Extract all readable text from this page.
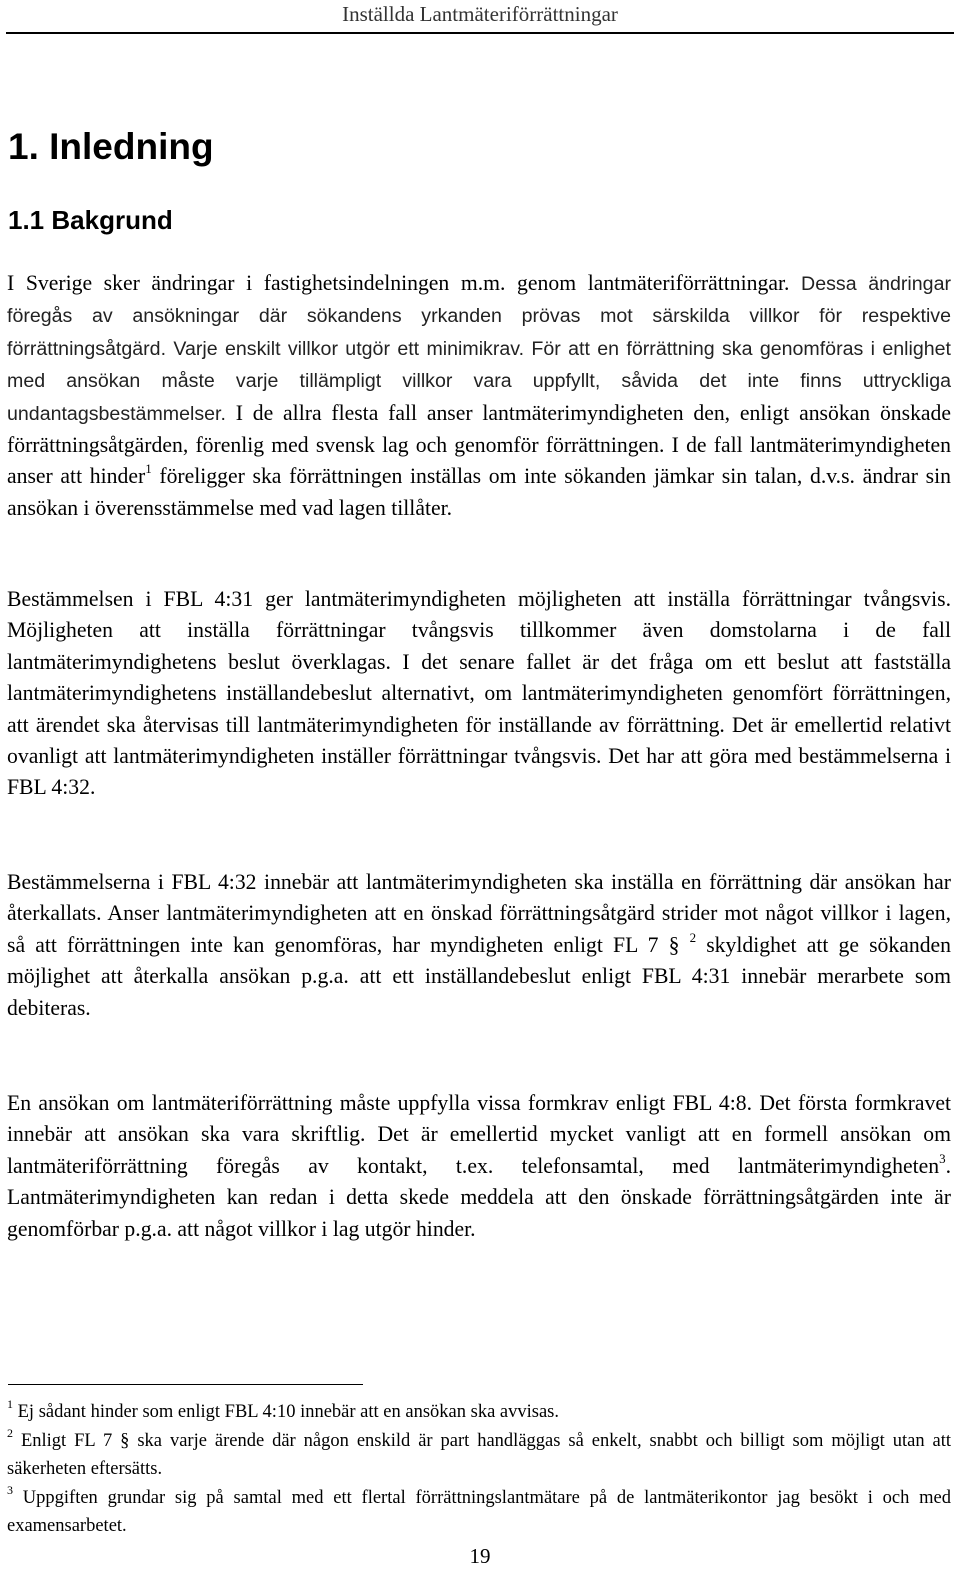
Inställda Lantmäteriförrättningar
1. Inledning
1.1 Bakgrund

I Sverige sker ändringar i fastighetsindelningen m.m. genom lantmäteriförrättningar. Dessa ändringar föregås av ansökningar där sökandens yrkanden prövas mot särskilda villkor för respektive förrättningsåtgärd. Varje enskilt villkor utgör ett minimikrav. För att en förrättning ska genomföras i enlighet med ansökan måste varje tillämpligt villkor vara uppfyllt, såvida det inte finns uttryckliga undantagsbestämmelser. I de allra flesta fall anser lantmäterimyndigheten den, enligt ansökan önskade förrättningsåtgärden, förenlig med svensk lag och genomför förrättningen. I de fall lantmäterimyndigheten anser att hinder$^1$ föreligger ska förrättningen inställas om inte sökanden jämkar sin talan, d.v.s. ändrar sin ansökan i överensstämmelse med vad lagen tillåter.

Bestämmelsen i FBL 4:31 ger lantmäterimyndigheten möjligheten att inställa förrättningar tvångsvis. Möjligheten att inställa förrättningar tvångsvis tillkommer även domstolarna i de fall lantmäterimyndighetens beslut överklagas. I det senare fallet är det fråga om ett beslut att fastställa lantmäterimyndighetens inställandebeslut alternativt, om lantmäterimyndigheten genomfört förrättningen, att ärendet ska återvisas till lantmäterimyndigheten för inställande av förrättning. Det är emellertid relativt ovanligt att lantmäterimyndigheten inställer förrättningar tvångsvis. Det har att göra med bestämmelserna i FBL 4:32.

Bestämmelserna i FBL 4:32 innebär att lantmäterimyndigheten ska inställa en förrättning där ansökan har återkallats. Anser lantmäterimyndigheten att en önskad förrättningsåtgärd strider mot något villkor i lagen, så att förrättningen inte kan genomföras, har myndigheten enligt FL 7 § $^2$ skyldighet att ge sökanden möjlighet att återkalla ansökan p.g.a. att ett inställandebeslut enligt FBL 4:31 innebär merarbete som debiteras.

En ansökan om lantmäteriförrättning måste uppfylla vissa formkrav enligt FBL 4:8. Det första formkravet innebär att ansökan ska vara skriftlig. Det är emellertid mycket vanligt att en formell ansökan om lantmäteriförrättning föregås av kontakt, t.ex. telefonsamtal, med lantmäterimyndigheten$^3$. Lantmäterimyndigheten kan redan i detta skede meddela att den önskade förrättningsåtgärden inte är genomförbar p.g.a. att något villkor i lag utgör hinder.

$^1$ Ej sådant hinder som enligt FBL 4:10 innebär att en ansökan ska avvisas.

$^2$ Enligt FL 7 § ska varje ärende där någon enskild är part handläggas så enkelt, snabbt och billigt som möjligt utan att säkerheten eftersätts.

$^3$ Uppgiften grundar sig på samtal med ett flertal förrättningslantmätare på de lantmäterikontor jag besökt i och med examensarbetet.

19
